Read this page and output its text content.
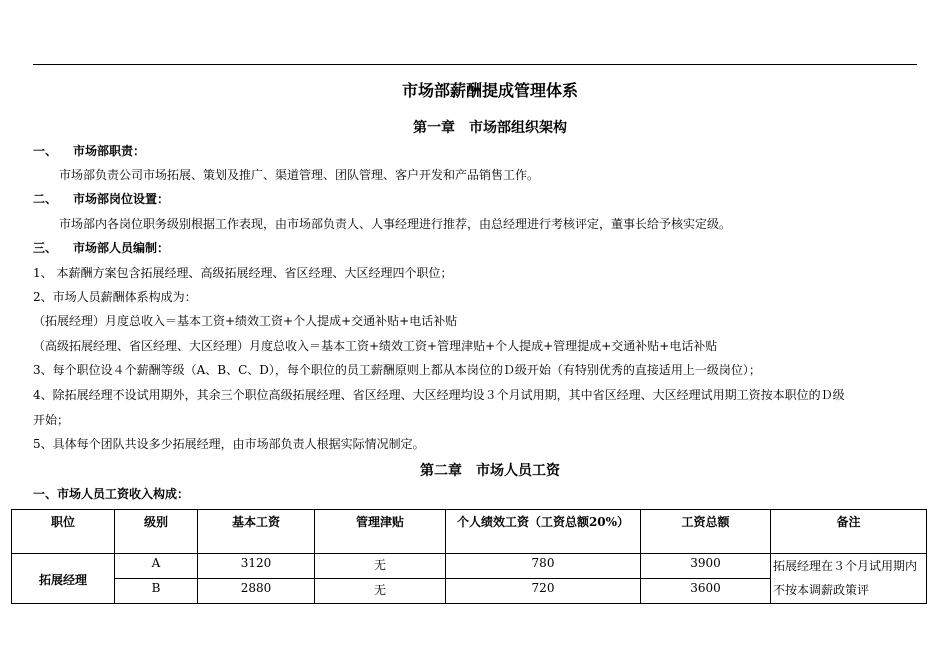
市场部薪酬提成管理体系
第一章　市场部组织架构
一、 市场部职责：
市场部负责公司市场拓展、策划及推广、渠道管理、团队管理、客户开发和产品销售工作。
二、 市场部岗位设置：
市场部内各岗位职务级别根据工作表现，由市场部负责人、人事经理进行推荐，由总经理进行考核评定，董事长给予核实定级。
三、 市场部人员编制：
1、 本薪酬方案包含拓展经理、高级拓展经理、省区经理、大区经理四个职位；
2、市场人员薪酬体系构成为：
（拓展经理）月度总收入＝基本工资+绩效工资+个人提成+交通补贴+电话补贴
（高级拓展经理、省区经理、大区经理）月度总收入＝基本工资+绩效工资+管理津贴+个人提成+管理提成+交通补贴+电话补贴
3、每个职位设４个薪酬等级（A、B、C、D），每个职位的员工薪酬原则上都从本岗位的Ｄ级开始（有特别优秀的直接适用上一级岗位）；
4、除拓展经理不设试用期外，其余三个职位高级拓展经理、省区经理、大区经理均设３个月试用期，其中省区经理、大区经理试用期工资按本职位的Ｄ级
开始；
5、具体每个团队共设多少拓展经理，由市场部负责人根据实际情况制定。
第二章　市场人员工资
一、市场人员工资收入构成：
职位	级别	基本工资	管理津贴	个人绩效工资（工资总额20%）	工资总额	备注
拓展经理	A	3120	无	780	3900	拓展经理在３个月试用期内不按本调薪政策评
	B	2880	无	720	3600	
